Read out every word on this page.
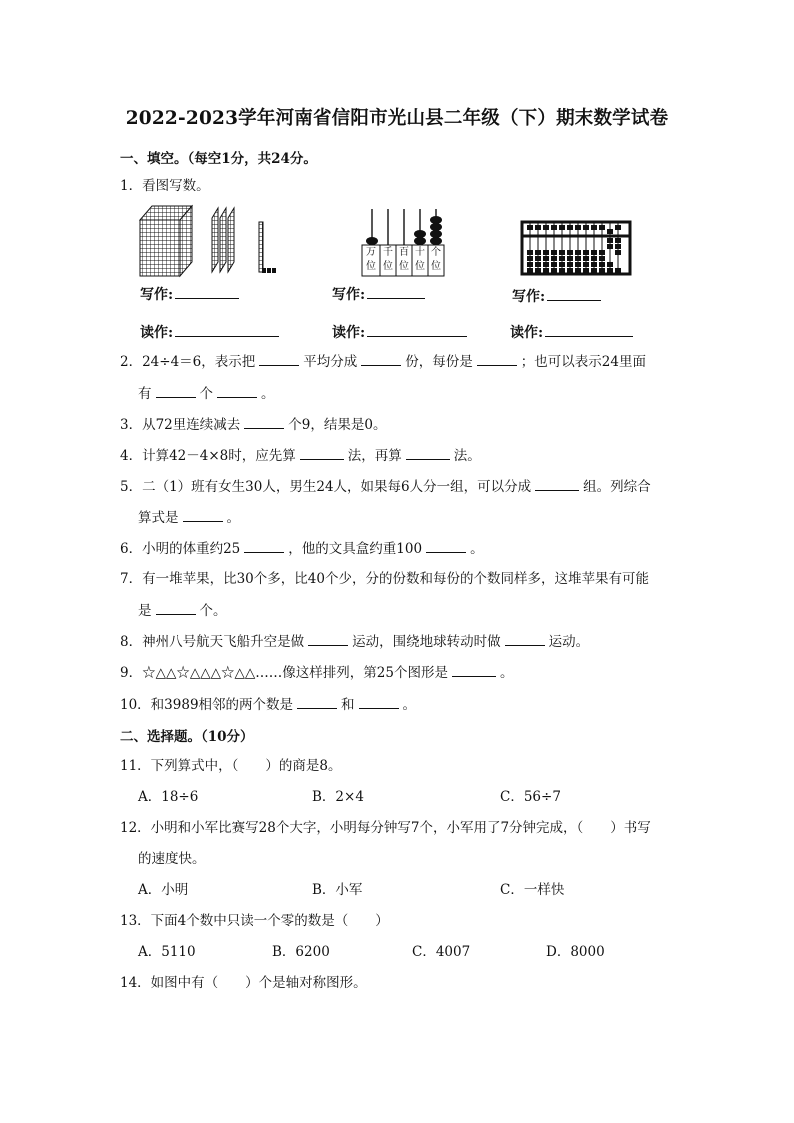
2022-2023学年河南省信阳市光山县二年级（下）期末数学试卷
一、填空。（每空1分，共24分。
1．看图写数。
万位
千位
百位
十位
个位
写作:	写作:	写作:
读作:	读作:	读作:
2．24÷4＝6，表示把	平均分成	份，每份是	；也可以表示24里面
有	个	。
3．从72里连续减去	个9，结果是0。
4．计算42－4×8时，应先算	法，再算	法。
5．二（1）班有女生30人，男生24人，如果每6人分一组，可以分成	组。列综合
算式是	。
6．小明的体重约25	，他的文具盒约重100	。
7．有一堆苹果，比30个多，比40个少，分的份数和每份的个数同样多，这堆苹果有可能
是	个。
8．神州八号航天飞船升空是做	运动，围绕地球转动时做	运动。
9．☆△△☆△△△☆△△……像这样排列，第25个图形是	。
10．和3989相邻的两个数是	和	。
二、选择题。（10分）
11．下列算式中，（　　）的商是8。
A．18÷6	B．2×4	C．56÷7
12．小明和小军比赛写28个大字，小明每分钟写7个，小军用了7分钟完成，（　　）书写
的速度快。
A．小明	B．小军	C．一样快
13．下面4个数中只读一个零的数是（　　）
A．5110	B．6200	C．4007	D．8000
14．如图中有（　　）个是轴对称图形。
